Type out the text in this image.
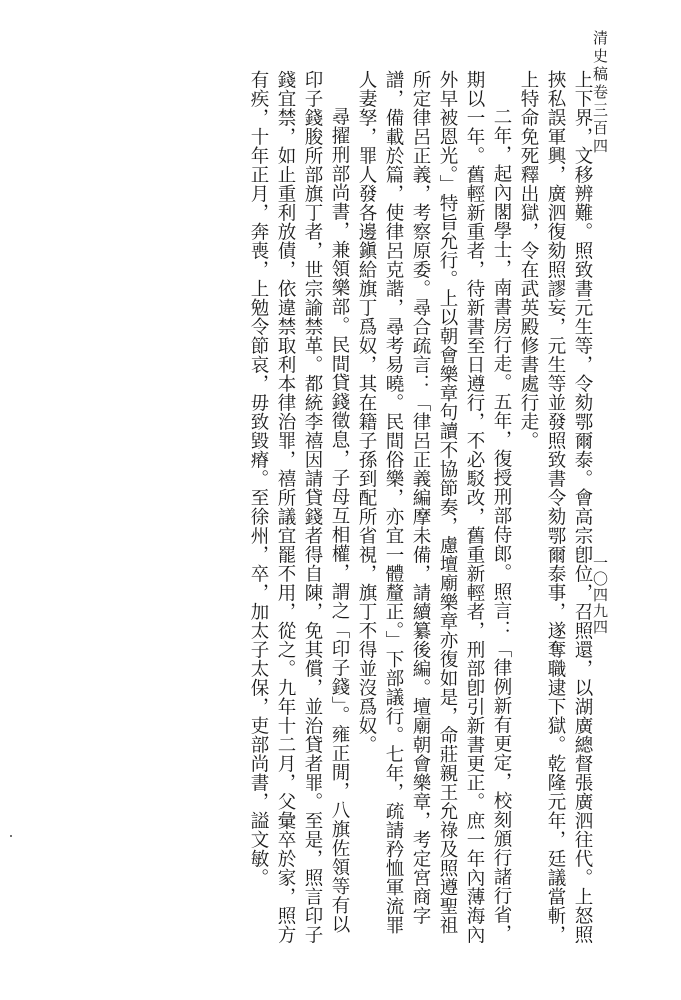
清史稿卷三百四
一〇四九四

上下界，文移辨難。照致書元生等，令劾鄂爾泰。會高宗卽位，召照還，以湖廣總督張廣泗往代。上怒照挾私誤軍興，廣泗復劾照謬妄，元生等並發照致書令劾鄂爾泰事，遂奪職逮下獄。乾隆元年，廷議當斬，上特命免死釋出獄，令在武英殿修書處行走。

二年，起內閣學士，南書房行走。五年，復授刑部侍郎。照言：「律例新有更定，校刻頒行諸行省，期以一年。舊輕新重者，待新書至日遵行，不必駁改，舊重新輕者，刑部卽引新書更正。庶一年內薄海內外早被恩光。」特旨允行。上以朝會樂章句讀不協節奏，慮壇廟樂章亦復如是，命莊親王允祿及照遵聖祖所定律呂正義，考察原委。尋合疏言：「律呂正義編摩未備，請續纂後編。壇廟朝會樂章，考定宮商字譜，備載於篇，使律呂克諧，尋考易曉。民間俗樂，亦宜一體釐正。」下部議行。七年，疏請矜恤軍流罪人妻孥，罪人發各邊鎭給旗丁爲奴，其在籍子孫到配所省視，旗丁不得並沒爲奴。

尋擢刑部尚書，兼領樂部。民間貸錢徵息，子母互相權，謂之「印子錢」。雍正閒，八旗佐領等有以印子錢朘所部旗丁者，世宗諭禁革。都統李禧因請貸錢者得自陳，免其償，並治貸者罪。至是，照言印子錢宜禁，如止重利放債，依違禁取利本律治罪，禧所議宜罷不用，從之。九年十二月，父彙卒於家，照方有疾，十年正月，奔喪，上勉令節哀，毋致毀瘠。至徐州，卒，加太子太保，吏部尚書，謚文敏。
